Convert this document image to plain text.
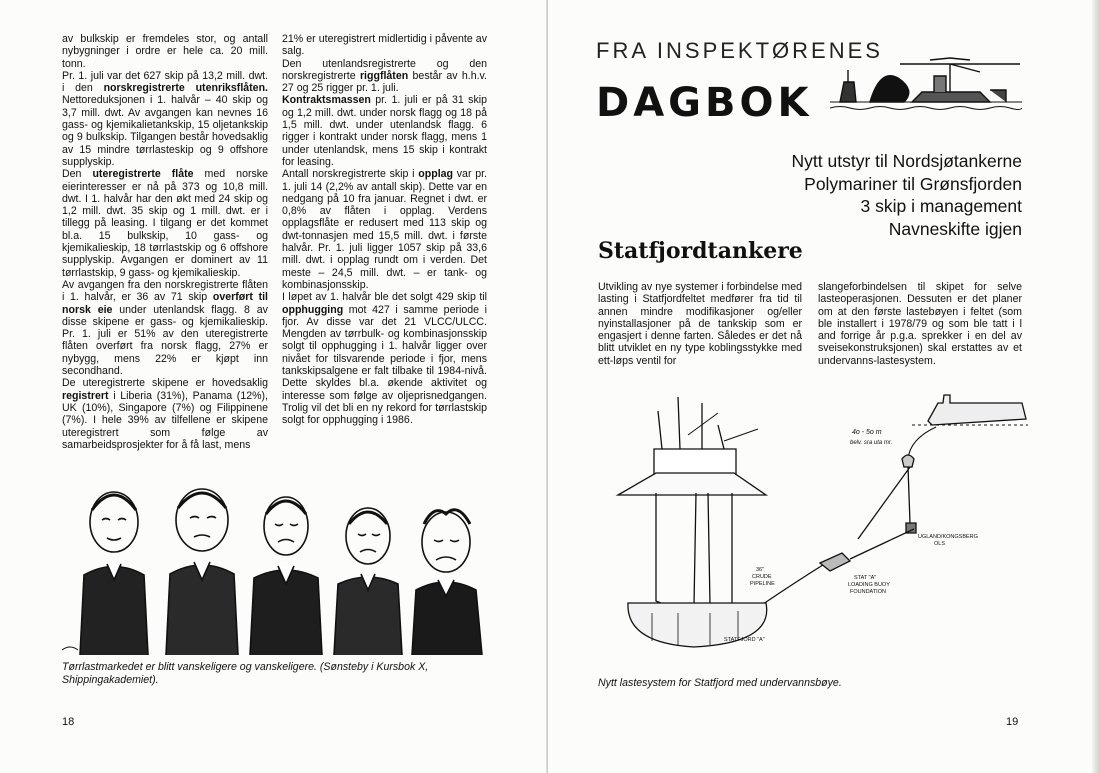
av bulkskip er fremdeles stor, og antall nybygninger i ordre er hele ca. 20 mill. tonn.
Pr. 1. juli var det 627 skip på 13,2 mill. dwt. i den norskregistrerte utenriksflåten. Nettoreduksjonen i 1. halvår – 40 skip og 3,7 mill. dwt. Av avgangen kan nevnes 16 gass- og kjemikalietankskip, 15 oljetankskip og 9 bulkskip. Tilgangen består hovedsaklig av 15 mindre tørrlasteskip og 9 offshore supplyskip.
Den uteregistrerte flåte med norske eierinteresser er nå på 373 og 10,8 mill. dwt. I 1. halvår har den økt med 24 skip og 1,2 mill. dwt. 35 skip og 1 mill. dwt. er i tillegg på leasing. I tilgang er det kommet bl.a. 15 bulkskip, 10 gass- og kjemikalieskip, 18 tørrlastskip og 6 offshore supplyskip. Avgangen er dominert av 11 tørrlastskip, 9 gass- og kjemikalieskip.
Av avgangen fra den norskregistrerte flåten i 1. halvår, er 36 av 71 skip overført til norsk eie under utenlandsk flagg. 8 av disse skipene er gass- og kjemikalieskip. Pr. 1. juli er 51% av den uteregistrerte flåten overført fra norsk flagg, 27% er nybygg, mens 22% er kjøpt inn secondhand.
De uteregistrerte skipene er hovedsaklig registrert i Liberia (31%), Panama (12%), UK (10%), Singapore (7%) og Filippinene (7%). I hele 39% av tilfellene er skipene uteregistrert som følge av samarbeidsprosjekter for å få last, mens

21% er uteregistrert midlertidig i påvente av salg.
Den utenlandsregistrerte og den norskregistrerte riggflåten består av h.h.v. 27 og 25 rigger pr. 1. juli.
Kontraktsmassen pr. 1. juli er på 31 skip og 1,2 mill. dwt. under norsk flagg og 18 på 1,5 mill. dwt. under utenlandsk flagg. 6 rigger i kontrakt under norsk flagg, mens 1 under utenlandsk, mens 15 skip i kontrakt for leasing.
Antall norskregistrerte skip i opplag var pr. 1. juli 14 (2,2% av antall skip). Dette var en nedgang på 10 fra januar. Regnet i dwt. er 0,8% av flåten i opplag. Verdens opplagsflåte er redusert med 113 skip og dwt-tonnasjen med 15,5 mill. dwt. i første halvår. Pr. 1. juli ligger 1057 skip på 33,6 mill. dwt. i opplag rundt om i verden. Det meste – 24,5 mill. dwt. – er tank- og kombinasjonsskip.
I løpet av 1. halvår ble det solgt 429 skip til opphugging mot 427 i samme periode i fjor. Av disse var det 21 VLCC/ULCC. Mengden av tørrbulk- og kombinasjonsskip solgt til opphugging i 1. halvår ligger over nivået for tilsvarende periode i fjor, mens tankskipsalgene er falt tilbake til 1984-nivå. Dette skyldes bl.a. økende aktivitet og interesse som følge av oljeprisnedgangen. Trolig vil det bli en ny rekord for tørrlastskip solgt for opphugging i 1986.

Tørrlastmarkedet er blitt vanskeligere og vanskeligere. (Sønsteby i Kursbok X, Shippingakademiet).
18
FRA INSPEKTØRENES
DAGBOK
Nytt utstyr til Nordsjøtankerne
Polymariner til Grønsfjorden
3 skip i management
Navneskifte igjen
Statfjordtankere

Utvikling av nye systemer i forbindelse med lasting i Statfjordfeltet medfører fra tid til annen mindre modifikasjoner og/eller nyinstallasjoner på de tankskip som er engasjert i denne farten. Således er det nå blitt utviklet en ny type koblingsstykke med ett-løps ventil for

slangeforbindelsen til skipet for selve lasteoperasjonen. Dessuten er det planer om at den første lastebøyen i feltet (som ble installert i 1978/79 og som ble tatt i l and forrige år p.g.a. sprekker i en del av sveisekonstruksjonen) skal erstattes av et undervanns-lastesystem.

4o - 5o m
belv. sra uta mr.
UGLAND/KONGSBERG
OLS
36"
CRUDE
PIPELINE
STAT "A"
LOADING BUOY
FOUNDATION
STATFJORD "A"
Nytt lastesystem for Statfjord med undervannsbøye.
19
